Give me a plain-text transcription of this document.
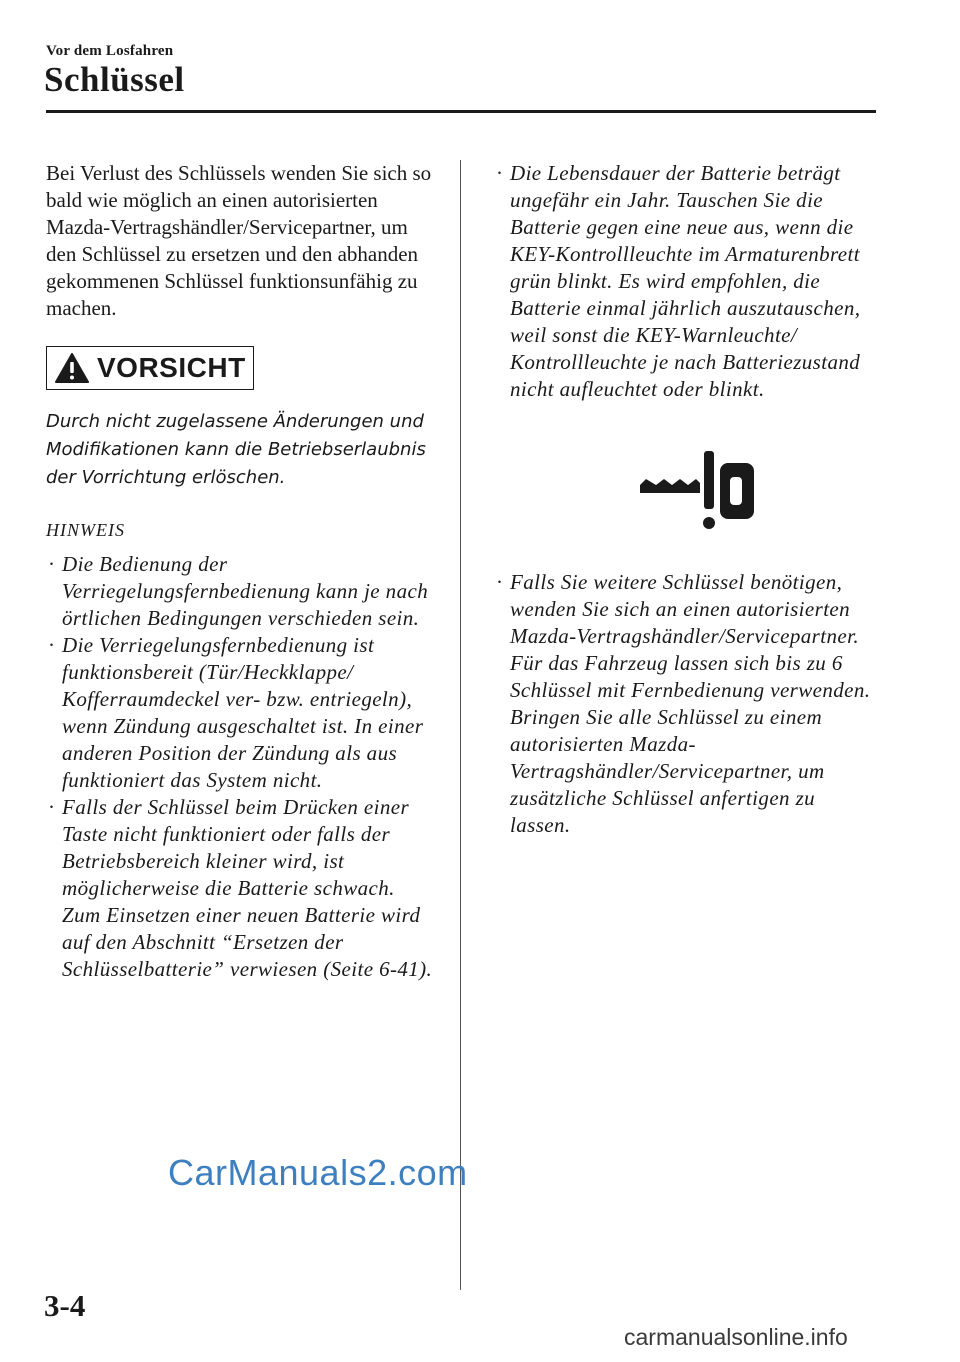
Vor dem Losfahren
Schlüssel

Bei Verlust des Schlüssels wenden Sie sich so bald wie möglich an einen autorisierten Mazda-Vertragshändler/Servicepartner, um den Schlüssel zu ersetzen und den abhanden gekommenen Schlüssel funktionsunfähig zu machen.

VORSICHT
Durch nicht zugelassene Änderungen und Modifikationen kann die Betriebserlaubnis der Vorrichtung erlöschen.
HINWEIS
· Die Bedienung der Verriegelungsfernbedienung kann je nach örtlichen Bedingungen verschieden sein.
· Die Verriegelungsfernbedienung ist funktionsbereit (Tür/Heckklappe/ Kofferraumdeckel ver- bzw. entriegeln), wenn Zündung ausgeschaltet ist. In einer anderen Position der Zündung als aus funktioniert das System nicht.
· Falls der Schlüssel beim Drücken einer Taste nicht funktioniert oder falls der Betriebsbereich kleiner wird, ist möglicherweise die Batterie schwach. Zum Einsetzen einer neuen Batterie wird auf den Abschnitt “Ersetzen der Schlüsselbatterie” verwiesen (Seite 6-41).
· Die Lebensdauer der Batterie beträgt ungefähr ein Jahr. Tauschen Sie die Batterie gegen eine neue aus, wenn die KEY-Kontrollleuchte im Armaturenbrett grün blinkt. Es wird empfohlen, die Batterie einmal jährlich auszutauschen, weil sonst die KEY-Warnleuchte/ Kontrollleuchte je nach Batteriezustand nicht aufleuchtet oder blinkt.
· Falls Sie weitere Schlüssel benötigen, wenden Sie sich an einen autorisierten Mazda-Vertragshändler/Servicepartner. Für das Fahrzeug lassen sich bis zu 6 Schlüssel mit Fernbedienung verwenden. Bringen Sie alle Schlüssel zu einem autorisierten Mazda-Vertragshändler/Servicepartner, um zusätzliche Schlüssel anfertigen zu lassen.
CarManuals2.com
3-4
carmanualsonline.info
